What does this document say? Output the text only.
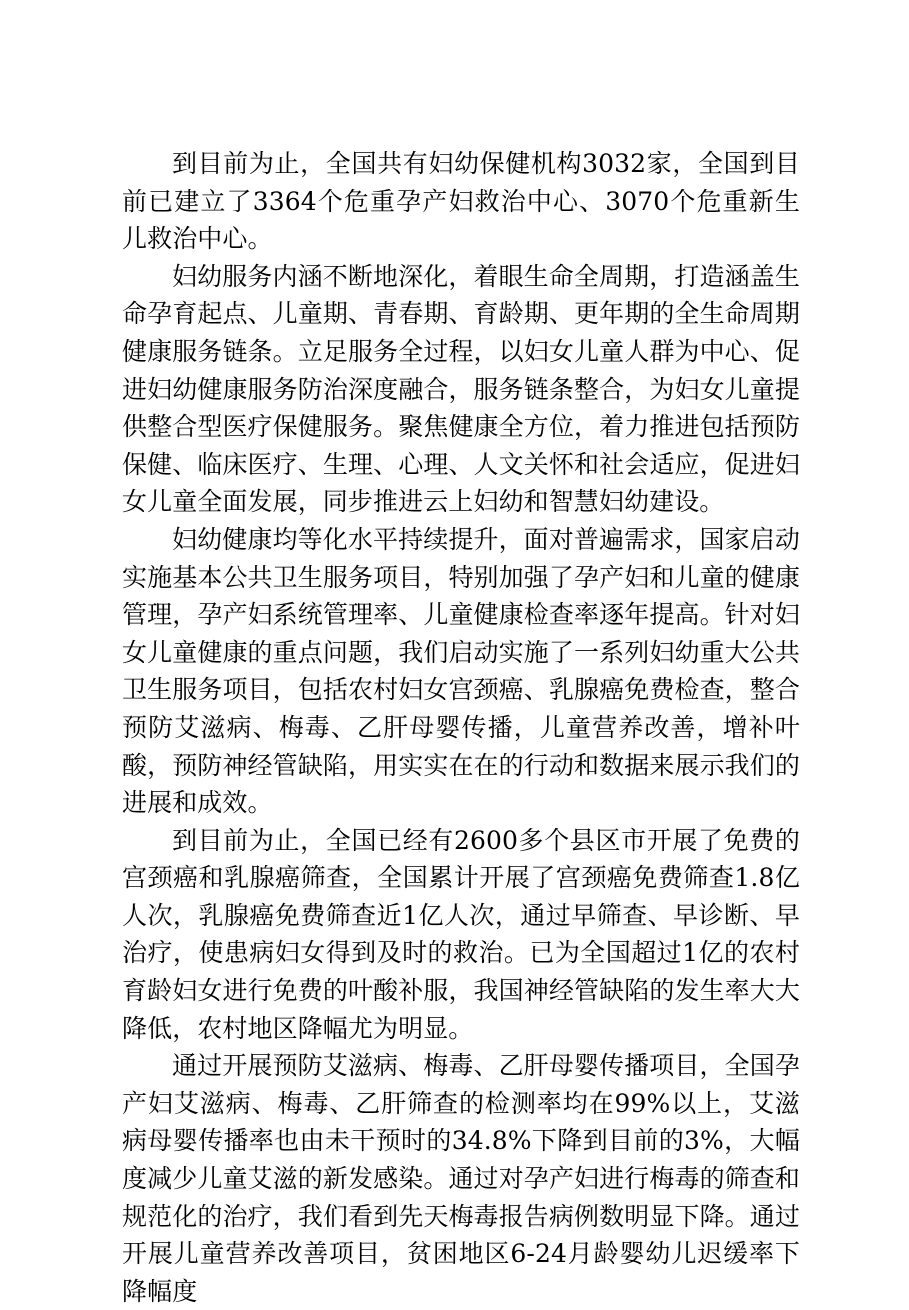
到目前为止，全国共有妇幼保健机构3032家，全国到目前已建立了3364个危重孕产妇救治中心、3070个危重新生儿救治中心。

妇幼服务内涵不断地深化，着眼生命全周期，打造涵盖生命孕育起点、儿童期、青春期、育龄期、更年期的全生命周期健康服务链条。立足服务全过程，以妇女儿童人群为中心、促进妇幼健康服务防治深度融合，服务链条整合，为妇女儿童提供整合型医疗保健服务。聚焦健康全方位，着力推进包括预防保健、临床医疗、生理、心理、人文关怀和社会适应，促进妇女儿童全面发展，同步推进云上妇幼和智慧妇幼建设。

妇幼健康均等化水平持续提升，面对普遍需求，国家启动实施基本公共卫生服务项目，特别加强了孕产妇和儿童的健康管理，孕产妇系统管理率、儿童健康检查率逐年提高。针对妇女儿童健康的重点问题，我们启动实施了一系列妇幼重大公共卫生服务项目，包括农村妇女宫颈癌、乳腺癌免费检查，整合预防艾滋病、梅毒、乙肝母婴传播，儿童营养改善，增补叶酸，预防神经管缺陷，用实实在在的行动和数据来展示我们的进展和成效。

到目前为止，全国已经有2600多个县区市开展了免费的宫颈癌和乳腺癌筛查，全国累计开展了宫颈癌免费筛查1.8亿人次，乳腺癌免费筛查近1亿人次，通过早筛查、早诊断、早治疗，使患病妇女得到及时的救治。已为全国超过1亿的农村育龄妇女进行免费的叶酸补服，我国神经管缺陷的发生率大大降低，农村地区降幅尤为明显。

通过开展预防艾滋病、梅毒、乙肝母婴传播项目，全国孕产妇艾滋病、梅毒、乙肝筛查的检测率均在99%以上，艾滋病母婴传播率也由未干预时的34.8%下降到目前的3%，大幅度减少儿童艾滋的新发感染。通过对孕产妇进行梅毒的筛查和规范化的治疗，我们看到先天梅毒报告病例数明显下降。通过开展儿童营养改善项目，贫困地区6-24月龄婴幼儿迟缓率下降幅度
